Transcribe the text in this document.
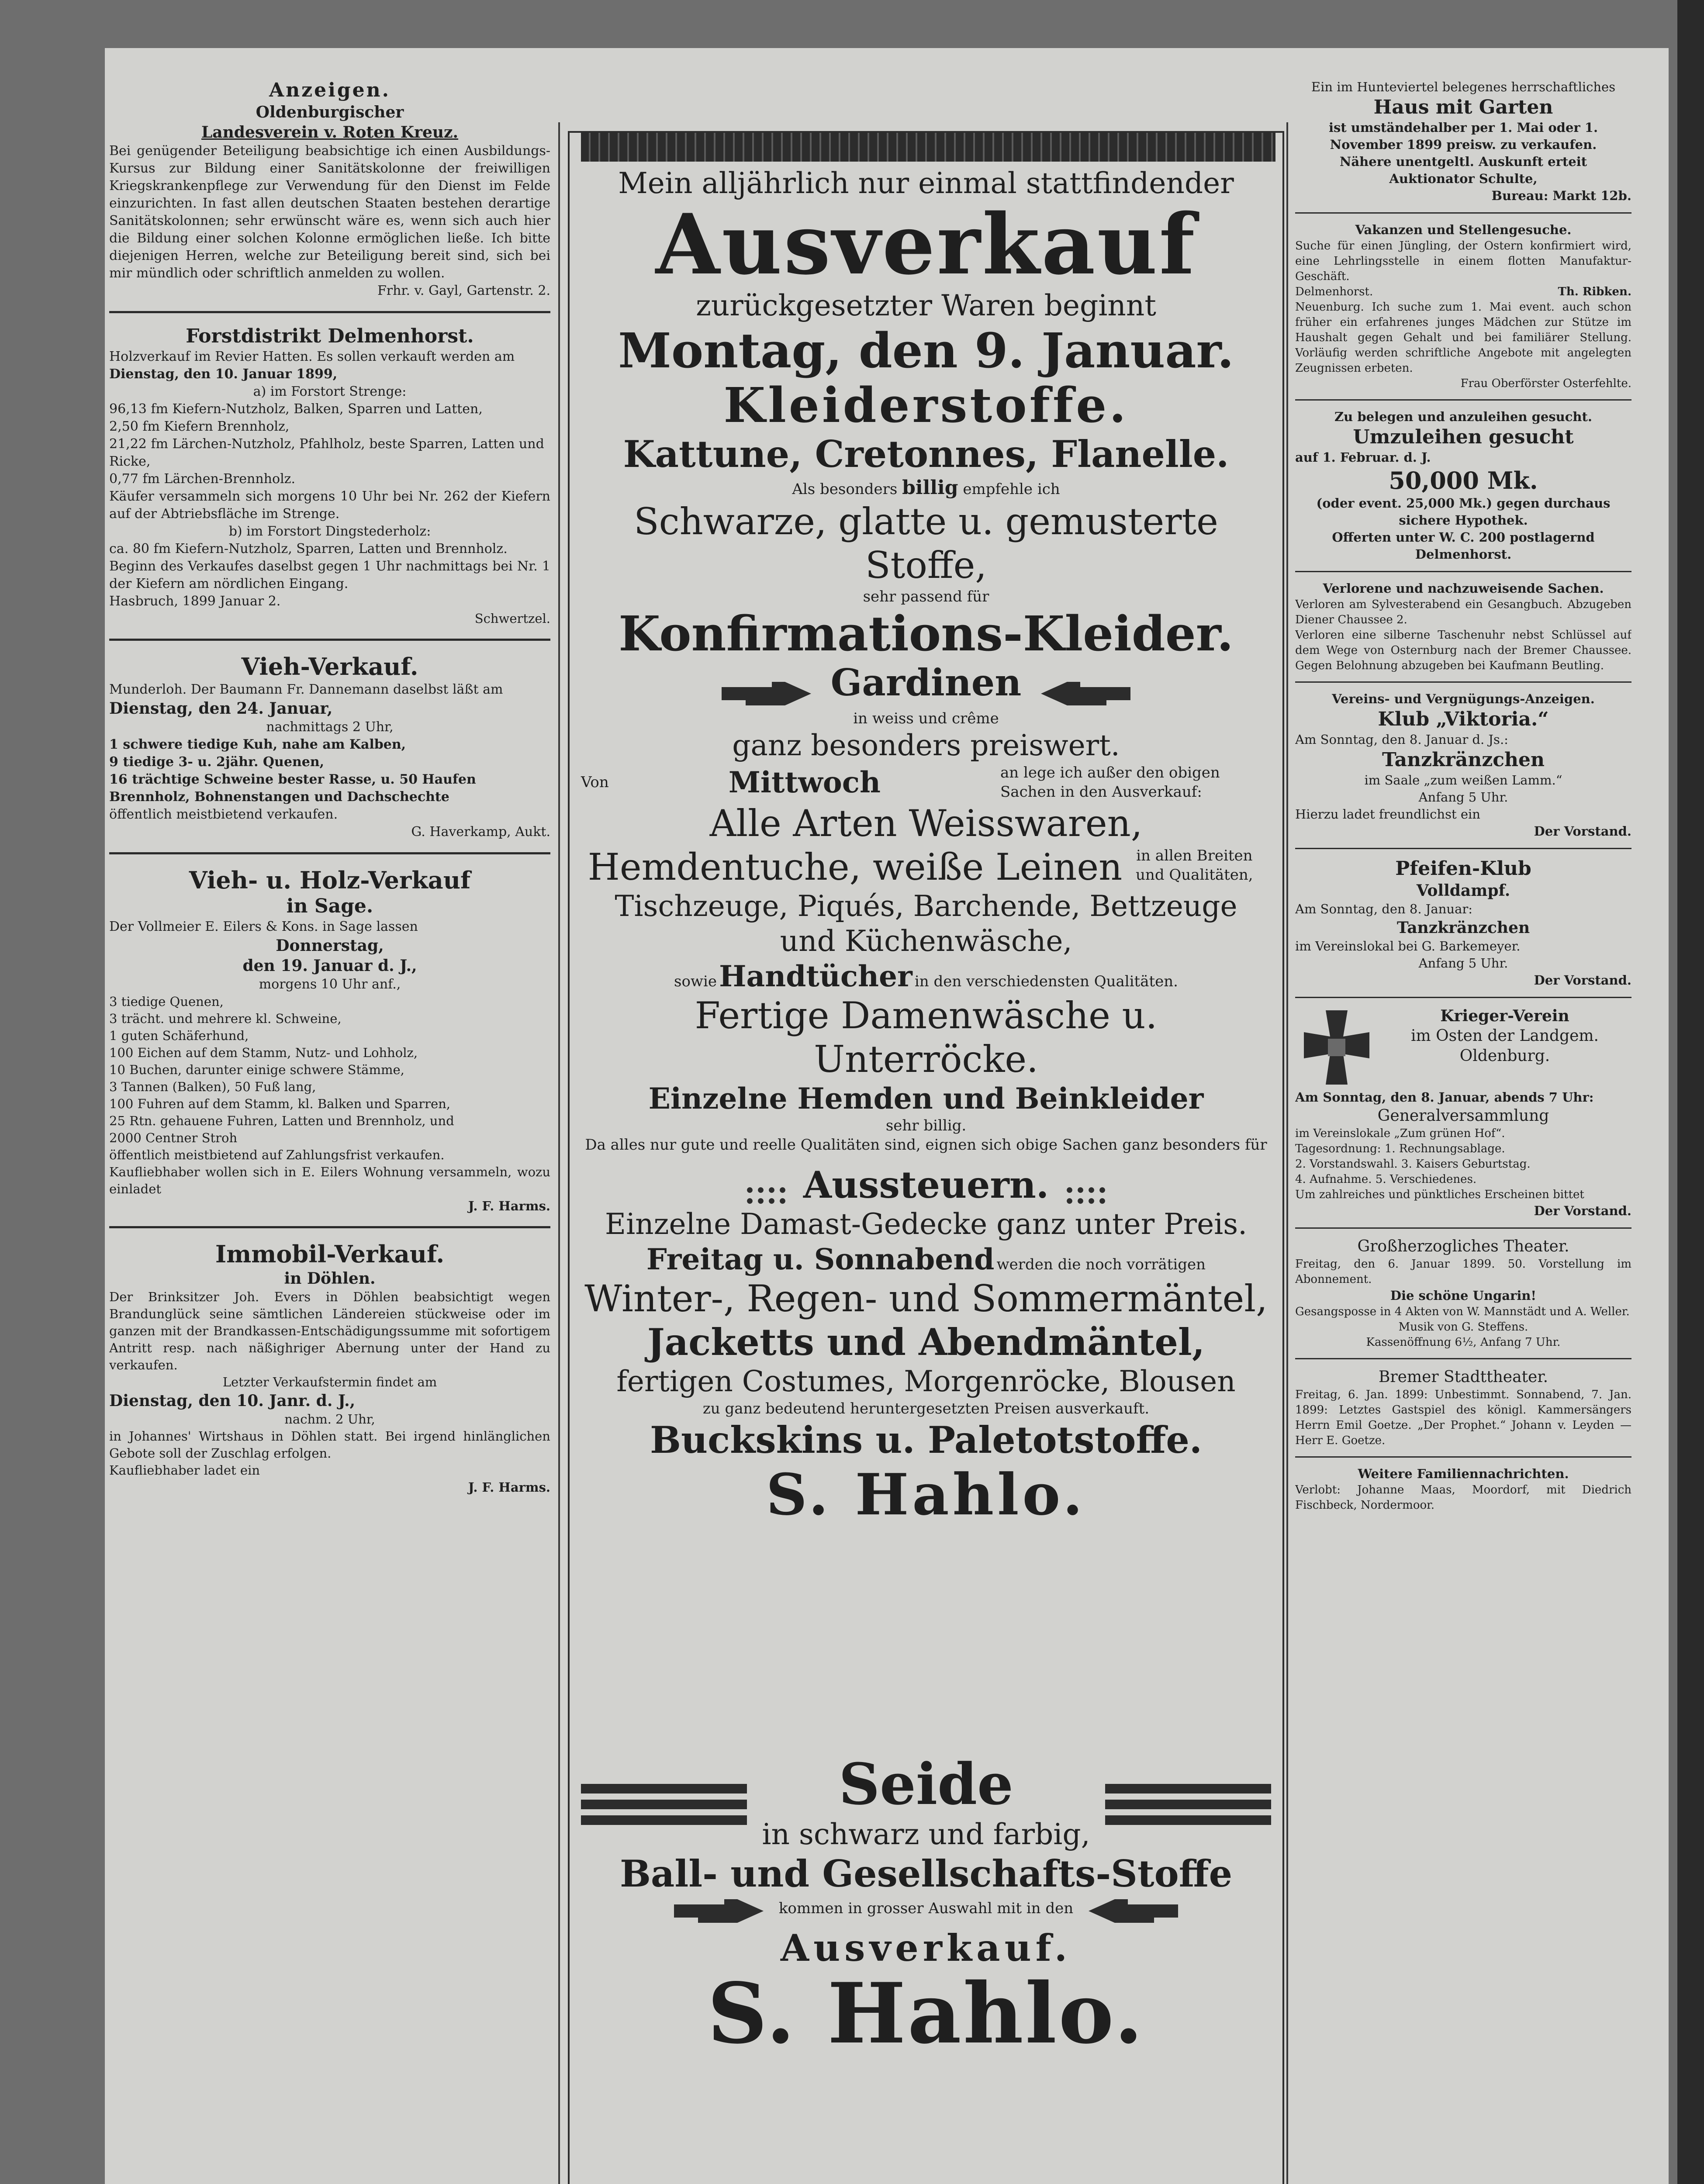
Anzeigen.
Oldenburgischer
Landesverein v. Roten Kreuz.
Bei genügender Beteiligung beabsichtige ich einen Ausbildungs-Kursus zur Bildung einer Sanitätskolonne der freiwilligen Kriegskrankenpflege zur Verwendung für den Dienst im Felde einzurichten. In fast allen deutschen Staaten bestehen derartige Sanitätskolonnen; sehr erwünscht wäre es, wenn sich auch hier die Bildung einer solchen Kolonne ermöglichen ließe. Ich bitte diejenigen Herren, welche zur Beteiligung bereit sind, sich bei mir mündlich oder schriftlich anmelden zu wollen.
Frhr. v. Gayl, Gartenstr. 2.
Forstdistrikt Delmenhorst.
Holzverkauf im Revier Hatten. Es sollen verkauft werden am
Dienstag, den 10. Januar 1899,
a) im Forstort Strenge:
96,13 fm Kiefern-Nutzholz, Balken, Sparren und Latten,
2,50 fm Kiefern Brennholz,
21,22 fm Lärchen-Nutzholz, Pfahlholz, beste Sparren, Latten und Ricke,
0,77 fm Lärchen-Brennholz.
Käufer versammeln sich morgens 10 Uhr bei Nr. 262 der Kiefern auf der Abtriebsfläche im Strenge.
b) im Forstort Dingstederholz:
ca. 80 fm Kiefern-Nutzholz, Sparren, Latten und Brennholz.
Beginn des Verkaufes daselbst gegen 1 Uhr nachmittags bei Nr. 1 der Kiefern am nördlichen Eingang.
Hasbruch, 1899 Januar 2.
Schwertzel.
Vieh-Verkauf.
Munderloh. Der Baumann Fr. Dannemann daselbst läßt am
Dienstag, den 24. Januar,
nachmittags 2 Uhr,
1 schwere tiedige Kuh, nahe am Kalben,
9 tiedige 3- u. 2jähr. Quenen,
16 trächtige Schweine bester Rasse, u. 50 Haufen Brennholz, Bohnenstangen und Dachschechte
öffentlich meistbietend verkaufen.
G. Haverkamp, Aukt.
Vieh- u. Holz-Verkauf
in Sage.
Der Vollmeier E. Eilers & Kons. in Sage lassen
Donnerstag,
den 19. Januar d. J.,
morgens 10 Uhr anf.,
3 tiedige Quenen,
3 trächt. und mehrere kl. Schweine,
1 guten Schäferhund,
100 Eichen auf dem Stamm, Nutz- und Lohholz,
10 Buchen, darunter einige schwere Stämme,
3 Tannen (Balken), 50 Fuß lang,
100 Fuhren auf dem Stamm, kl. Balken und Sparren,
25 Rtn. gehauene Fuhren, Latten und Brennholz, und
2000 Centner Stroh
öffentlich meistbietend auf Zahlungsfrist verkaufen.
Kaufliebhaber wollen sich in E. Eilers Wohnung versammeln, wozu einladet
J. F. Harms.
Immobil-Verkauf.
in Döhlen.
Der Brinksitzer Joh. Evers in Döhlen beabsichtigt wegen Brandunglück seine sämtlichen Ländereien stückweise oder im ganzen mit der Brandkassen-Entschädigungssumme mit sofortigem Antritt resp. nach näßighriger Abernung unter der Hand zu verkaufen.
Letzter Verkaufstermin findet am
Dienstag, den 10. Janr. d. J.,
nachm. 2 Uhr,
in Johannes' Wirtshaus in Döhlen statt. Bei irgend hinlänglichen Gebote soll der Zuschlag erfolgen.
Kaufliebhaber ladet ein
J. F. Harms.
Mein alljährlich nur einmal stattfindender
Ausverkauf
zurückgesetzter Waren beginnt
Montag, den 9. Januar.
Kleiderstoffe.
Kattune, Cretonnes, Flanelle.
Als besonders billig empfehle ich
Schwarze, glatte u. gemusterte Stoffe,
sehr passend für
Konfirmations-Kleider.
Gardinen
in weiss und crême
ganz besonders preiswert.
Von	Mittwoch	an lege ich außer den obigen Sachen in den Ausverkauf:
Alle Arten Weisswaren,
Hemdentuche, weiße Leinen in allen Breiten und Qualitäten,
Tischzeuge, Piqués, Barchende, Bettzeuge
und Küchenwäsche,
sowie Handtücher in den verschiedensten Qualitäten.
Fertige Damenwäsche u. Unterröcke.
Einzelne Hemden und Beinkleider
sehr billig.
Da alles nur gute und reelle Qualitäten sind, eignen sich obige Sachen ganz besonders für
Aussteuern.
Einzelne Damast-Gedecke ganz unter Preis.
Freitag u. Sonnabend werden die noch vorrätigen
Winter-, Regen- und Sommermäntel,
Jacketts und Abendmäntel,
fertigen Costumes, Morgenröcke, Blousen
zu ganz bedeutend heruntergesetzten Preisen ausverkauft.
Buckskins u. Paletotstoffe.
S. Hahlo.
Seide
in schwarz und farbig,
Ball- und Gesellschafts-Stoffe
kommen in grosser Auswahl mit in den
Ausverkauf.
S. Hahlo.
Ein im Hunteviertel belegenes herrschaftliches
Haus mit Garten
ist umständehalber per 1. Mai oder 1. November 1899 preisw. zu verkaufen.
Nähere unentgeltl. Auskunft erteit Auktionator Schulte,
Bureau: Markt 12b.
Vakanzen und Stellengesuche.
Suche für einen Jüngling, der Ostern konfirmiert wird, eine Lehrlingsstelle in einem flotten Manufaktur-Geschäft.
Delmenhorst.	Th. Ribken.
Neuenburg. Ich suche zum 1. Mai event. auch schon früher ein erfahrenes junges Mädchen zur Stütze im Haushalt gegen Gehalt und bei familiärer Stellung. Vorläufig werden schriftliche Angebote mit angelegten Zeugnissen erbeten.
Frau Oberförster Osterfehlte.
Zu belegen und anzuleihen gesucht.
Umzuleihen gesucht
auf 1. Februar. d. J.
50,000 Mk.
(oder event. 25,000 Mk.) gegen durchaus sichere Hypothek.
Offerten unter W. C. 200 postlagernd Delmenhorst.
Verlorene und nachzuweisende Sachen.
Verloren am Sylvesterabend ein Gesangbuch. Abzugeben Diener Chaussee 2.
Verloren eine silberne Taschenuhr nebst Schlüssel auf dem Wege von Osternburg nach der Bremer Chaussee. Gegen Belohnung abzugeben bei Kaufmann Beutling.
Vereins- und Vergnügungs-Anzeigen.
Klub „Viktoria.“
Am Sonntag, den 8. Januar d. Js.:
Tanzkränzchen
im Saale „zum weißen Lamm.“
Anfang 5 Uhr.
Hierzu ladet freundlichst ein
Der Vorstand.
Pfeifen-Klub
Volldampf.
Am Sonntag, den 8. Januar:
Tanzkränzchen
im Vereinslokal bei G. Barkemeyer.
Anfang 5 Uhr.
Der Vorstand.
Krieger-Verein
im Osten der Landgem.
Oldenburg.
Am Sonntag, den 8. Januar, abends 7 Uhr:
Generalversammlung
im Vereinslokale „Zum grünen Hof“.
Tagesordnung: 1. Rechnungsablage.
2. Vorstandswahl. 3. Kaisers Geburtstag.
4. Aufnahme. 5. Verschiedenes.
Um zahlreiches und pünktliches Erscheinen bittet
Der Vorstand.
Großherzogliches Theater.
Freitag, den 6. Januar 1899. 50. Vorstellung im Abonnement.
Die schöne Ungarin!
Gesangsposse in 4 Akten von W. Mannstädt und A. Weller.
Musik von G. Steffens.
Kassenöffnung 6½, Anfang 7 Uhr.
Bremer Stadttheater.
Freitag, 6. Jan. 1899: Unbestimmt. Sonnabend, 7. Jan. 1899: Letztes Gastspiel des königl. Kammersängers Herrn Emil Goetze. „Der Prophet.“ Johann v. Leyden — Herr E. Goetze.
Weitere Familiennachrichten.
Verlobt: Johanne Maas, Moordorf, mit Diedrich Fischbeck, Nordermoor.
